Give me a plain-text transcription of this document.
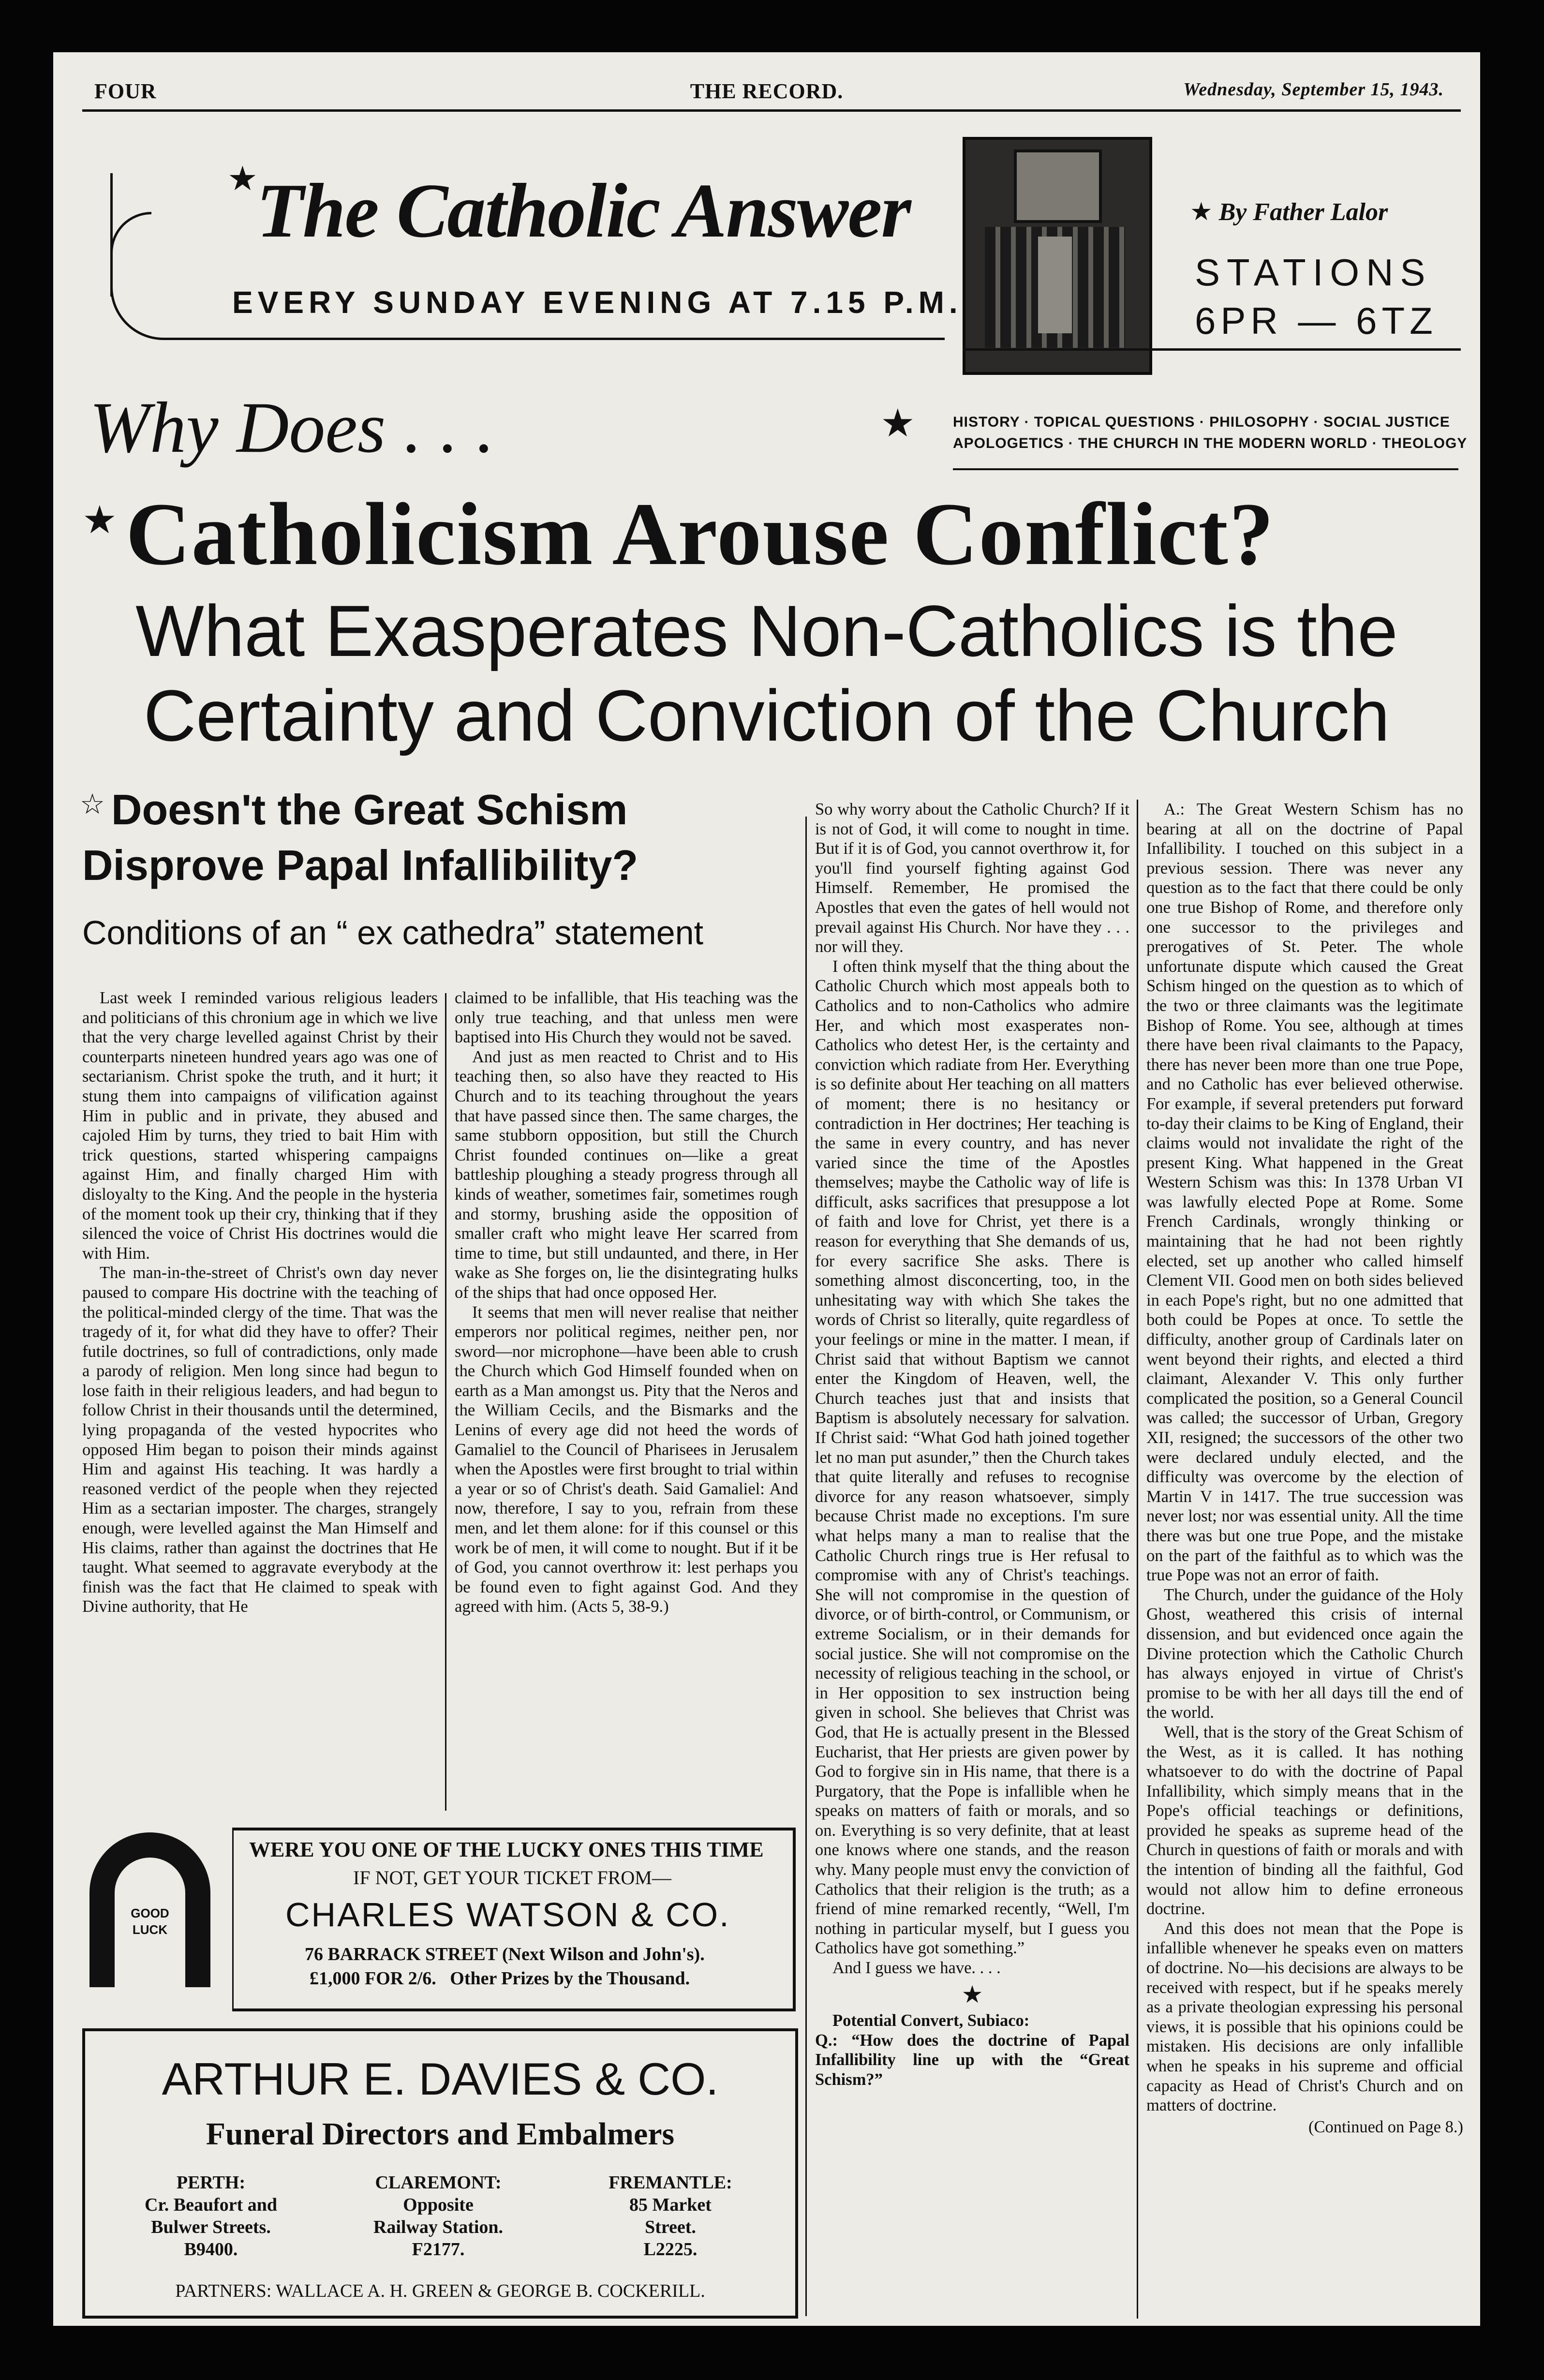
FOUR	THE RECORD.	Wednesday, September 15, 1943.
★
The Catholic Answer
EVERY SUNDAY EVENING AT 7.15 P.M.
★ By Father Lalor
STATIONS
6PR — 6TZ
Why Does . . .	★	HISTORY · TOPICAL QUESTIONS · PHILOSOPHY · SOCIAL JUSTICE
APOLOGETICS · THE CHURCH IN THE MODERN WORLD · THEOLOGY
★ Catholicism Arouse Conflict?
What Exasperates Non-Catholics is the
Certainty and Conviction of the Church
☆ Doesn't the Great Schism
Disprove Papal Infallibility?
Conditions of an “ ex cathedra” statement

Last week I reminded various religious leaders and politicians of this chronium age in which we live that the very charge levelled against Christ by their counterparts nineteen hundred years ago was one of sectarianism. Christ spoke the truth, and it hurt; it stung them into campaigns of vilification against Him in public and in private, they abused and cajoled Him by turns, they tried to bait Him with trick questions, started whispering campaigns against Him, and finally charged Him with disloyalty to the King. And the people in the hysteria of the moment took up their cry, thinking that if they silenced the voice of Christ His doctrines would die with Him.

The man-in-the-street of Christ's own day never paused to compare His doctrine with the teaching of the political-minded clergy of the time. That was the tragedy of it, for what did they have to offer? Their futile doctrines, so full of contradictions, only made a parody of religion. Men long since had begun to lose faith in their religious leaders, and had begun to follow Christ in their thousands until the determined, lying propaganda of the vested hypocrites who opposed Him began to poison their minds against Him and against His teaching. It was hardly a reasoned verdict of the people when they rejected Him as a sectarian imposter. The charges, strangely enough, were levelled against the Man Himself and His claims, rather than against the doctrines that He taught. What seemed to aggravate everybody at the finish was the fact that He claimed to speak with Divine authority, that He

claimed to be infallible, that His teaching was the only true teaching, and that unless men were baptised into His Church they would not be saved.

And just as men reacted to Christ and to His teaching then, so also have they reacted to His Church and to its teaching throughout the years that have passed since then. The same charges, the same stubborn opposition, but still the Church Christ founded continues on—like a great battleship ploughing a steady progress through all kinds of weather, sometimes fair, sometimes rough and stormy, brushing aside the opposition of smaller craft who might leave Her scarred from time to time, but still undaunted, and there, in Her wake as She forges on, lie the disintegrating hulks of the ships that had once opposed Her.

It seems that men will never realise that neither emperors nor political regimes, neither pen, nor sword—nor microphone—have been able to crush the Church which God Himself founded when on earth as a Man amongst us. Pity that the Neros and the William Cecils, and the Bismarks and the Lenins of every age did not heed the words of Gamaliel to the Council of Pharisees in Jerusalem when the Apostles were first brought to trial within a year or so of Christ's death. Said Gamaliel: And now, therefore, I say to you, refrain from these men, and let them alone: for if this counsel or this work be of men, it will come to nought. But if it be of God, you cannot overthrow it: lest perhaps you be found even to fight against God. And they agreed with him. (Acts 5, 38-9.)

So why worry about the Catholic Church? If it is not of God, it will come to nought in time. But if it is of God, you cannot overthrow it, for you'll find yourself fighting against God Himself. Remember, He promised the Apostles that even the gates of hell would not prevail against His Church. Nor have they . . . nor will they.

I often think myself that the thing about the Catholic Church which most appeals both to Catholics and to non-Catholics who admire Her, and which most exasperates non-Catholics who detest Her, is the certainty and conviction which radiate from Her. Everything is so definite about Her teaching on all matters of moment; there is no hesitancy or contradiction in Her doctrines; Her teaching is the same in every country, and has never varied since the time of the Apostles themselves; maybe the Catholic way of life is difficult, asks sacrifices that presuppose a lot of faith and love for Christ, yet there is a reason for everything that She demands of us, for every sacrifice She asks. There is something almost disconcerting, too, in the unhesitating way with which She takes the words of Christ so literally, quite regardless of your feelings or mine in the matter. I mean, if Christ said that without Baptism we cannot enter the Kingdom of Heaven, well, the Church teaches just that and insists that Baptism is absolutely necessary for salvation. If Christ said: “What God hath joined together let no man put asunder,” then the Church takes that quite literally and refuses to recognise divorce for any reason whatsoever, simply because Christ made no exceptions. I'm sure what helps many a man to realise that the Catholic Church rings true is Her refusal to compromise with any of Christ's teachings. She will not compromise in the question of divorce, or of birth-control, or Communism, or extreme Socialism, or in their demands for social justice. She will not compromise on the necessity of religious teaching in the school, or in Her opposition to sex instruction being given in school. She believes that Christ was God, that He is actually present in the Blessed Eucharist, that Her priests are given power by God to forgive sin in His name, that there is a Purgatory, that the Pope is infallible when he speaks on matters of faith or morals, and so on. Everything is so very definite, that at least one knows where one stands, and the reason why. Many people must envy the conviction of Catholics that their religion is the truth; as a friend of mine remarked recently, “Well, I'm nothing in particular myself, but I guess you Catholics have got something.”

And I guess we have. . . .

★

Potential Convert, Subiaco:

Q.: “How does the doctrine of Papal Infallibility line up with the “Great Schism?”

A.: The Great Western Schism has no bearing at all on the doctrine of Papal Infallibility. I touched on this subject in a previous session. There was never any question as to the fact that there could be only one true Bishop of Rome, and therefore only one successor to the privileges and prerogatives of St. Peter. The whole unfortunate dispute which caused the Great Schism hinged on the question as to which of the two or three claimants was the legitimate Bishop of Rome. You see, although at times there have been rival claimants to the Papacy, there has never been more than one true Pope, and no Catholic has ever believed otherwise. For example, if several pretenders put forward to-day their claims to be King of England, their claims would not invalidate the right of the present King. What happened in the Great Western Schism was this: In 1378 Urban VI was lawfully elected Pope at Rome. Some French Cardinals, wrongly thinking or maintaining that he had not been rightly elected, set up another who called himself Clement VII. Good men on both sides believed in each Pope's right, but no one admitted that both could be Popes at once. To settle the difficulty, another group of Cardinals later on went beyond their rights, and elected a third claimant, Alexander V. This only further complicated the position, so a General Council was called; the successor of Urban, Gregory XII, resigned; the successors of the other two were declared unduly elected, and the difficulty was overcome by the election of Martin V in 1417. The true succession was never lost; nor was essential unity. All the time there was but one true Pope, and the mistake on the part of the faithful as to which was the true Pope was not an error of faith.

The Church, under the guidance of the Holy Ghost, weathered this crisis of internal dissension, and but evidenced once again the Divine protection which the Catholic Church has always enjoyed in virtue of Christ's promise to be with her all days till the end of the world.

Well, that is the story of the Great Schism of the West, as it is called. It has nothing whatsoever to do with the doctrine of Papal Infallibility, which simply means that in the Pope's official teachings or definitions, provided he speaks as supreme head of the Church in questions of faith or morals and with the intention of binding all the faithful, God would not allow him to define erroneous doctrine.

And this does not mean that the Pope is infallible whenever he speaks even on matters of doctrine. No—his decisions are always to be received with respect, but if he speaks merely as a private theologian expressing his personal views, it is possible that his opinions could be mistaken. His decisions are only infallible when he speaks in his supreme and official capacity as Head of Christ's Church and on matters of doctrine.

(Continued on Page 8.)
GOOD
LUCK
WERE YOU ONE OF THE LUCKY ONES THIS TIME
IF NOT, GET YOUR TICKET FROM—
CHARLES WATSON & CO.
76 BARRACK STREET (Next Wilson and John's).
£1,000 FOR 2/6.   Other Prizes by the Thousand.
ARTHUR E. DAVIES & CO.
Funeral Directors and Embalmers
PERTH:
Cr. Beaufort and
Bulwer Streets.
B9400.
CLAREMONT:
Opposite
Railway Station.
F2177.
FREMANTLE:
85 Market
Street.
L2225.
PARTNERS: WALLACE A. H. GREEN & GEORGE B. COCKERILL.
